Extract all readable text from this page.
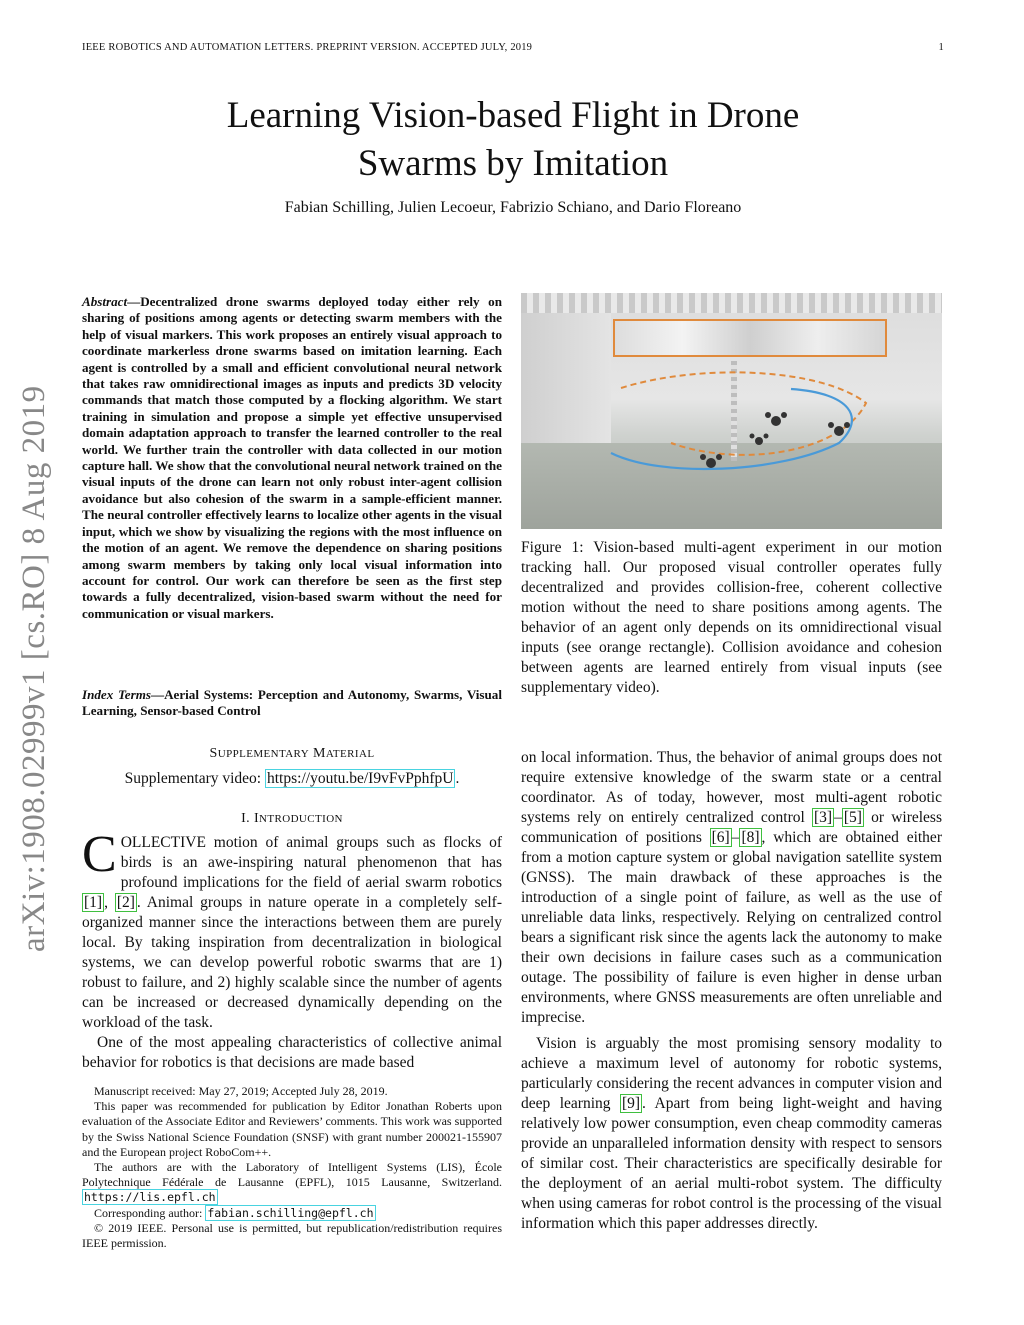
IEEE ROBOTICS AND AUTOMATION LETTERS. PREPRINT VERSION. ACCEPTED JULY, 2019	1
arXiv:1908.02999v1 [cs.RO] 8 Aug 2019
Learning Vision-based Flight in Drone
Swarms by Imitation
Fabian Schilling, Julien Lecoeur, Fabrizio Schiano, and Dario Floreano
Abstract—Decentralized drone swarms deployed today either rely on sharing of positions among agents or detecting swarm members with the help of visual markers. This work proposes an entirely visual approach to coordinate markerless drone swarms based on imitation learning. Each agent is controlled by a small and efficient convolutional neural network that takes raw omnidirectional images as inputs and predicts 3D velocity commands that match those computed by a flocking algorithm. We start training in simulation and propose a simple yet effective unsupervised domain adaptation approach to transfer the learned controller to the real world. We further train the controller with data collected in our motion capture hall. We show that the convolutional neural network trained on the visual inputs of the drone can learn not only robust inter-agent collision avoidance but also cohesion of the swarm in a sample-efficient manner. The neural controller effectively learns to localize other agents in the visual input, which we show by visualizing the regions with the most influence on the motion of an agent. We remove the dependence on sharing positions among swarm members by taking only local visual information into account for control. Our work can therefore be seen as the first step towards a fully decentralized, vision-based swarm without the need for communication or visual markers.
Index Terms—Aerial Systems: Perception and Autonomy, Swarms, Visual Learning, Sensor-based Control
SUPPLEMENTARY MATERIAL
Supplementary video: https://youtu.be/I9vFvPphfpU .
I. INTRODUCTION

COLLECTIVE motion of animal groups such as flocks of birds is an awe-inspiring natural phenomenon that has profound implications for the field of aerial swarm robotics [1] , [2] . Animal groups in nature operate in a completely self-organized manner since the interactions between them are purely local. By taking inspiration from decentralization in biological systems, we can develop powerful robotic swarms that are 1) robust to failure, and 2) highly scalable since the number of agents can be increased or decreased dynamically depending on the workload of the task.

One of the most appealing characteristics of collective animal behavior for robotics is that decisions are made based

Figure 1: Vision-based multi-agent experiment in our motion tracking hall. Our proposed visual controller operates fully decentralized and provides collision-free, coherent collective motion without the need to share positions among agents. The behavior of an agent only depends on its omnidirectional visual inputs (see orange rectangle). Collision avoidance and cohesion between agents are learned entirely from visual inputs (see supplementary video).

on local information. Thus, the behavior of animal groups does not require extensive knowledge of the swarm state or a central coordinator. As of today, however, most multi-agent robotic systems rely on entirely centralized control [3] – [5] or wireless communication of positions [6] – [8] , which are obtained either from a motion capture system or global navigation satellite system (GNSS). The main drawback of these approaches is the introduction of a single point of failure, as well as the use of unreliable data links, respectively. Relying on centralized control bears a significant risk since the agents lack the autonomy to make their own decisions in failure cases such as a communication outage. The possibility of failure is even higher in dense urban environments, where GNSS measurements are often unreliable and imprecise.

Vision is arguably the most promising sensory modality to achieve a maximum level of autonomy for robotic systems, particularly considering the recent advances in computer vision and deep learning [9] . Apart from being light-weight and having relatively low power consumption, even cheap commodity cameras provide an unparalleled information density with respect to sensors of similar cost. Their characteristics are specifically desirable for the deployment of an aerial multi-robot system. The difficulty when using cameras for robot control is the processing of the visual information which this paper addresses directly.

Manuscript received: May 27, 2019; Accepted July 28, 2019.

This paper was recommended for publication by Editor Jonathan Roberts upon evaluation of the Associate Editor and Reviewers’ comments. This work was supported by the Swiss National Science Foundation (SNSF) with grant number 200021-155907 and the European project RoboCom++.

The authors are with the Laboratory of Intelligent Systems (LIS), École Polytechnique Fédérale de Lausanne (EPFL), 1015 Lausanne, Switzerland. https://lis.epfl.ch

Corresponding author: fabian.schilling@epfl.ch

© 2019 IEEE. Personal use is permitted, but republication/redistribution requires IEEE permission.
